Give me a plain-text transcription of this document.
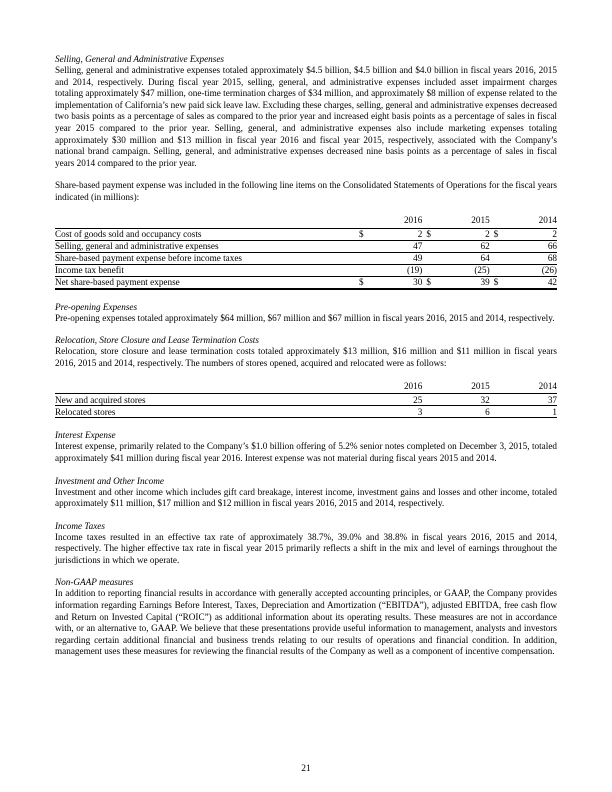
Selling, General and Administrative Expenses

Selling, general and administrative expenses totaled approximately $4.5 billion, $4.5 billion and $4.0 billion in fiscal years 2016, 2015 and 2014, respectively. During fiscal year 2015, selling, general, and administrative expenses included asset impairment charges totaling approximately $47 million, one-time termination charges of $34 million, and approximately $8 million of expense related to the implementation of California’s new paid sick leave law. Excluding these charges, selling, general and administrative expenses decreased two basis points as a percentage of sales as compared to the prior year and increased eight basis points as a percentage of sales in fiscal year 2015 compared to the prior year. Selling, general, and administrative expenses also include marketing expenses totaling approximately $30 million and $13 million in fiscal year 2016 and fiscal year 2015, respectively, associated with the Company’s national brand campaign. Selling, general, and administrative expenses decreased nine basis points as a percentage of sales in fiscal years 2014 compared to the prior year.

Share-based payment expense was included in the following line items on the Consolidated Statements of Operations for the fiscal years indicated (in millions):

		2016		2015		2014
Cost of goods sold and occupancy costs	$	2	$	2	$	2
Selling, general and administrative expenses		47		62		66
Share-based payment expense before income taxes		49		64		68
Income tax benefit		(19)		(25)		(26)
Net share-based payment expense	$	30	$	39	$	42

Pre-opening Expenses

Pre-opening expenses totaled approximately $64 million, $67 million and $67 million in fiscal years 2016, 2015 and 2014, respectively.

Relocation, Store Closure and Lease Termination Costs

Relocation, store closure and lease termination costs totaled approximately $13 million, $16 million and $11 million in fiscal years 2016, 2015 and 2014, respectively. The numbers of stores opened, acquired and relocated were as follows:

		2016		2015		2014
New and acquired stores		25		32		37
Relocated stores		3		6		1

Interest Expense

Interest expense, primarily related to the Company’s $1.0 billion offering of 5.2% senior notes completed on December 3, 2015, totaled approximately $41 million during fiscal year 2016. Interest expense was not material during fiscal years 2015 and 2014.

Investment and Other Income

Investment and other income which includes gift card breakage, interest income, investment gains and losses and other income, totaled approximately $11 million, $17 million and $12 million in fiscal years 2016, 2015 and 2014, respectively.

Income Taxes

Income taxes resulted in an effective tax rate of approximately 38.7%, 39.0% and 38.8% in fiscal years 2016, 2015 and 2014, respectively. The higher effective tax rate in fiscal year 2015 primarily reflects a shift in the mix and level of earnings throughout the jurisdictions in which we operate.

Non-GAAP measures

In addition to reporting financial results in accordance with generally accepted accounting principles, or GAAP, the Company provides information regarding Earnings Before Interest, Taxes, Depreciation and Amortization (“EBITDA”), adjusted EBITDA, free cash flow and Return on Invested Capital (“ROIC”) as additional information about its operating results. These measures are not in accordance with, or an alternative to, GAAP. We believe that these presentations provide useful information to management, analysts and investors regarding certain additional financial and business trends relating to our results of operations and financial condition. In addition, management uses these measures for reviewing the financial results of the Company as well as a component of incentive compensation.

21
